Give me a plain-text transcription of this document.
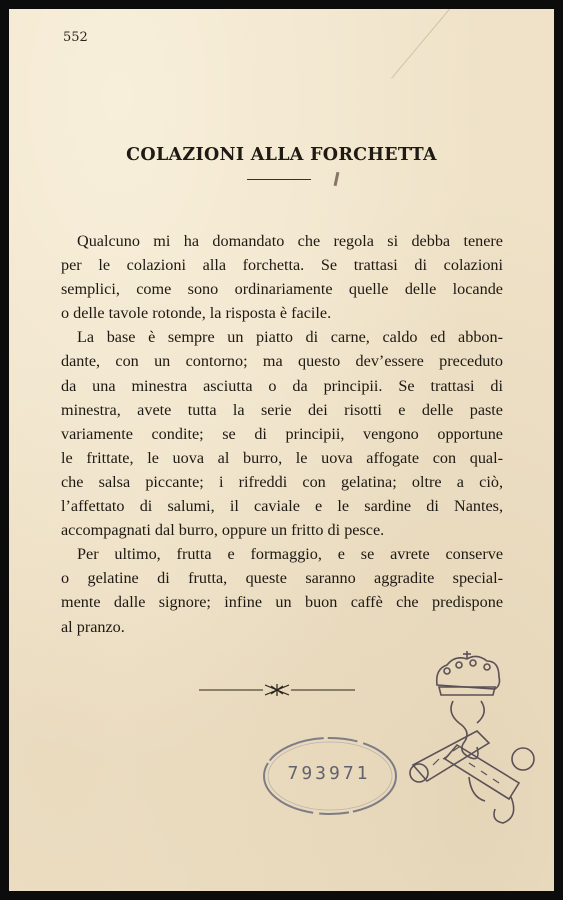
552
COLAZIONI ALLA FORCHETTA

Qualcuno mi ha domandato che regola si debba tenere
per le colazioni alla forchetta. Se trattasi di colazioni
semplici, come sono ordinariamente quelle delle locande
o delle tavole rotonde, la risposta è facile.

La base è sempre un piatto di carne, caldo ed abbon-
dante, con un contorno; ma questo dev’essere preceduto
da una minestra asciutta o da principii. Se trattasi di
minestra, avete tutta la serie dei risotti e delle paste
variamente condite; se di principii, vengono opportune
le frittate, le uova al burro, le uova affogate con qual-
che salsa piccante; i rifreddi con gelatina; oltre a ciò,
l’affettato di salumi, il caviale e le sardine di Nantes,
accompagnati dal burro, oppure un fritto di pesce.

Per ultimo, frutta e formaggio, e se avrete conserve
o gelatine di frutta, queste saranno aggradite special-
mente dalle signore; infine un buon caffè che predispone
al pranzo.

793971
